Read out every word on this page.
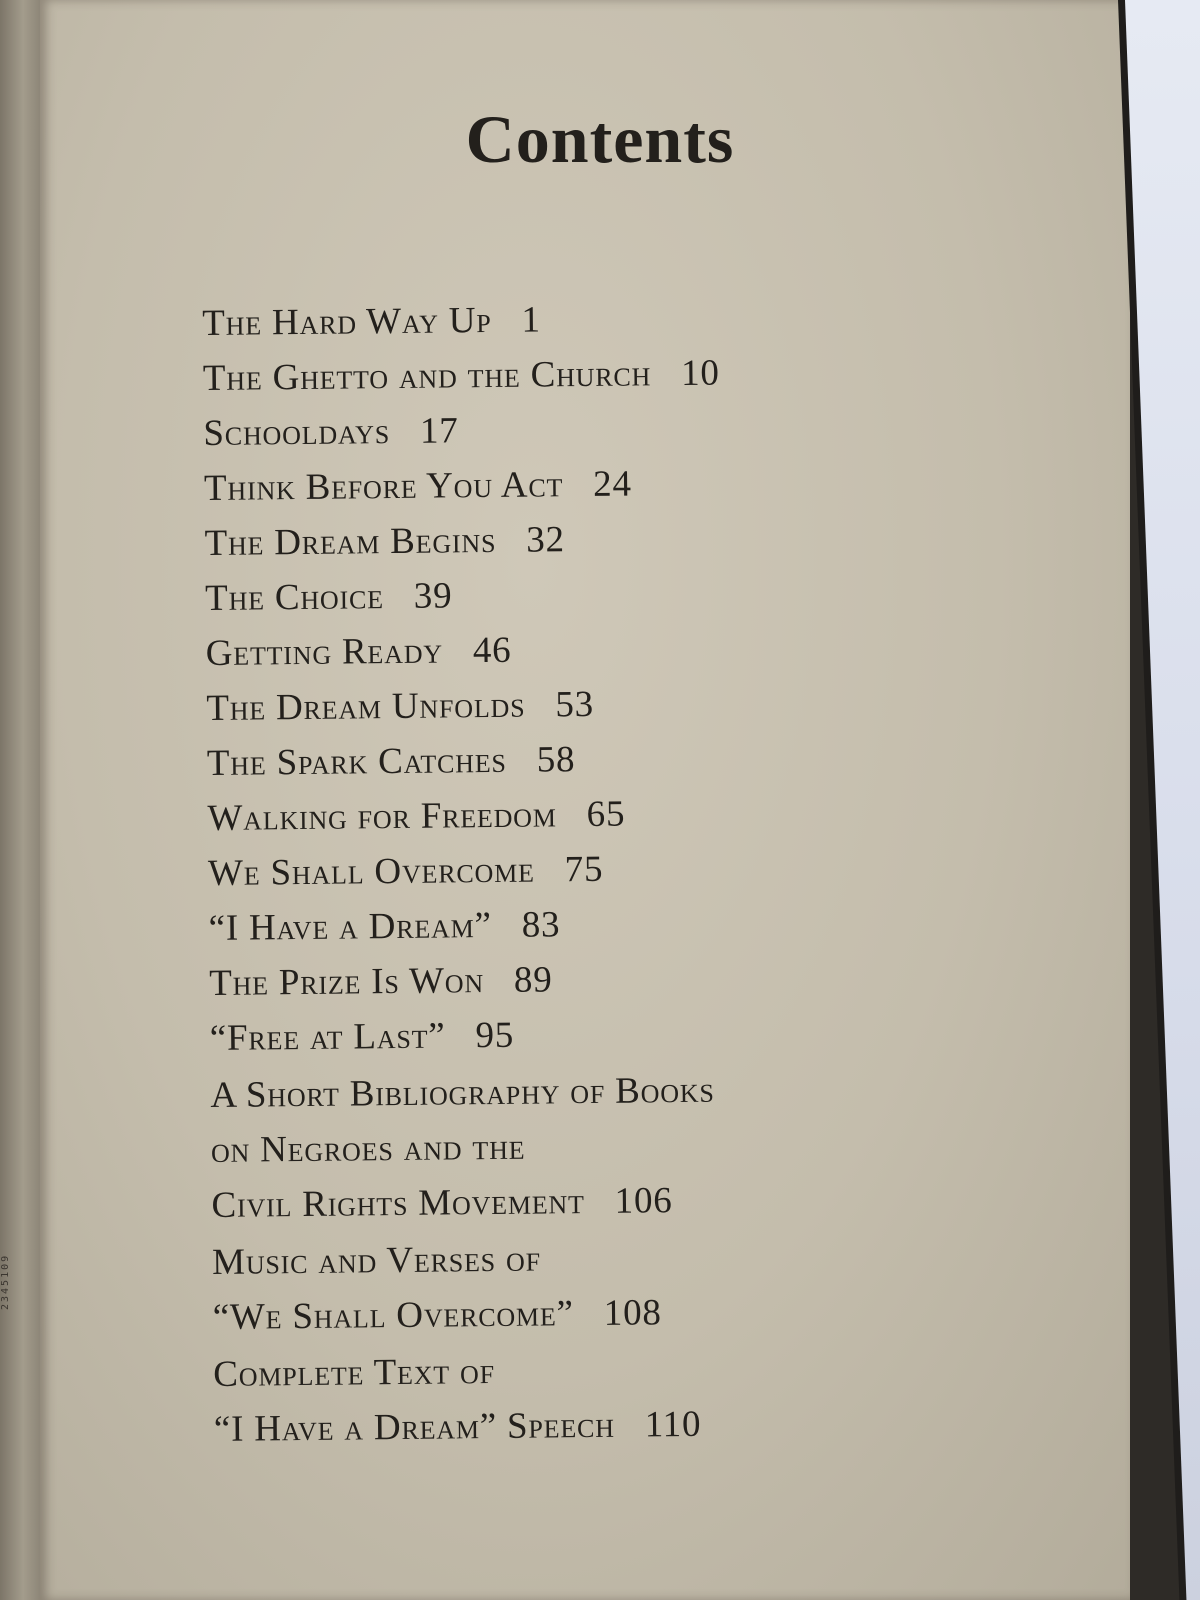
2345109
Contents
The Hard Way Up 1
The Ghetto and the Church 10
Schooldays 17
Think Before You Act 24
The Dream Begins 32
The Choice 39
Getting Ready 46
The Dream Unfolds 53
The Spark Catches 58
Walking for Freedom 65
We Shall Overcome 75
“I Have a Dream” 83
The Prize Is Won 89
“Free at Last” 95
A Short Bibliography of Books
on Negroes and the
Civil Rights Movement 106
Music and Verses of
“We Shall Overcome” 108
Complete Text of
“I Have a Dream” Speech 110
